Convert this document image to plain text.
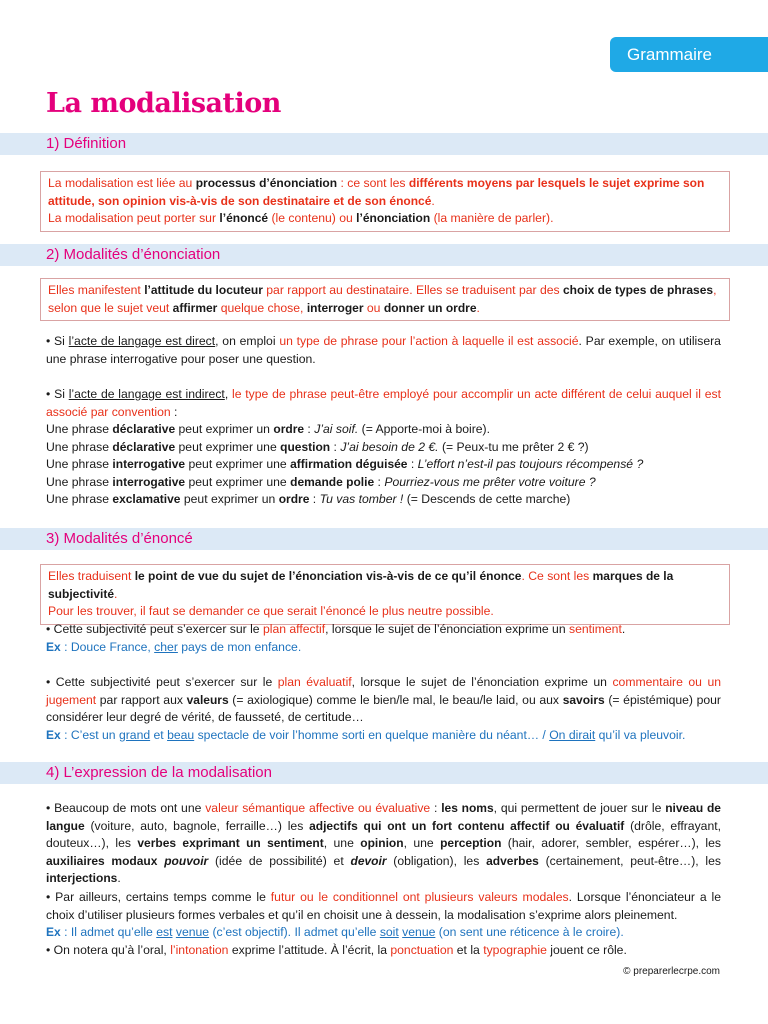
Grammaire
La modalisation
1) Définition

La modalisation est liée au processus d’énonciation : ce sont les différents moyens par lesquels le sujet exprime son attitude, son opinion vis-à-vis de son destinataire et de son énoncé.

La modalisation peut porter sur l’énoncé (le contenu) ou l’énonciation (la manière de parler).

2) Modalités d’énonciation

Elles manifestent l’attitude du locuteur par rapport au destinataire. Elles se traduisent par des choix de types de phrases, selon que le sujet veut affirmer quelque chose, interroger ou donner un ordre.

• Si l’acte de langage est direct, on emploi un type de phrase pour l’action à laquelle il est associé. Par exemple, on utilisera une phrase interrogative pour poser une question.
• Si l’acte de langage est indirect, le type de phrase peut-être employé pour accomplir un acte différent de celui auquel il est associé par convention :

Une phrase déclarative peut exprimer un ordre : J’ai soif. (= Apporte-moi à boire).

Une phrase déclarative peut exprimer une question : J’ai besoin de 2 €. (= Peux-tu me prêter 2 € ?)

Une phrase interrogative peut exprimer une affirmation déguisée : L’effort n’est-il pas toujours récompensé ?

Une phrase interrogative peut exprimer une demande polie : Pourriez-vous me prêter votre voiture ?

Une phrase exclamative peut exprimer un ordre : Tu vas tomber ! (= Descends de cette marche)

3) Modalités d’énoncé

Elles traduisent le point de vue du sujet de l’énonciation vis-à-vis de ce qu’il énonce. Ce sont les marques de la subjectivité.

Pour les trouver, il faut se demander ce que serait l’énoncé le plus neutre possible.

• Cette subjectivité peut s’exercer sur le plan affectif, lorsque le sujet de l’énonciation exprime un sentiment.

Ex : Douce France, cher pays de mon enfance.

• Cette subjectivité peut s’exercer sur le plan évaluatif, lorsque le sujet de l’énonciation exprime un commentaire ou un jugement par rapport aux valeurs (= axiologique) comme le bien/le mal, le beau/le laid, ou aux savoirs (= épistémique) pour considérer leur degré de vérité, de fausseté, de certitude…

Ex : C’est un grand et beau spectacle de voir l’homme sorti en quelque manière du néant… / On dirait qu’il va pleuvoir.

4) L’expression de la modalisation
• Beaucoup de mots ont une valeur sémantique affective ou évaluative : les noms, qui permettent de jouer sur le niveau de langue (voiture, auto, bagnole, ferraille…) les adjectifs qui ont un fort contenu affectif ou évaluatif (drôle, effrayant, douteux…), les verbes exprimant un sentiment, une opinion, une perception (hair, adorer, sembler, espérer…), les auxiliaires modaux pouvoir (idée de possibilité) et devoir (obligation), les adverbes (certainement, peut-être…), les interjections.

• Par ailleurs, certains temps comme le futur ou le conditionnel ont plusieurs valeurs modales. Lorsque l’énonciateur a le choix d’utiliser plusieurs formes verbales et qu’il en choisit une à dessein, la modalisation s’exprime alors pleinement.

Ex : Il admet qu’elle est venue (c’est objectif). Il admet qu’elle soit venue (on sent une réticence à le croire).

• On notera qu’à l’oral, l’intonation exprime l’attitude. À l’écrit, la ponctuation et la typographie jouent ce rôle.
© preparerlecrpe.com
